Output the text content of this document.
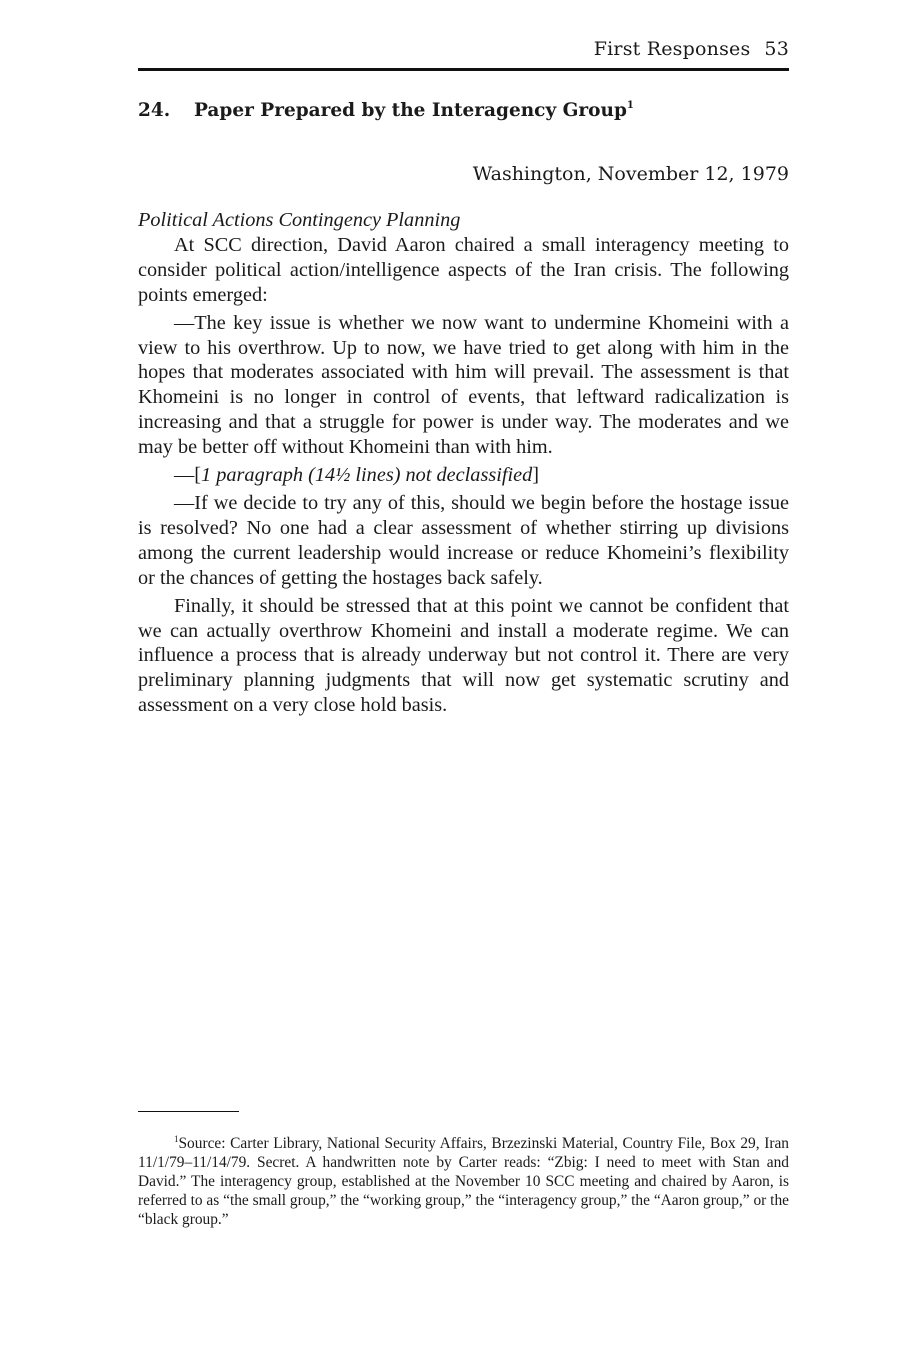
First Responses 53
24. Paper Prepared by the Interagency Group$^1$
Washington, November 12, 1979

Political Actions Contingency Planning

At SCC direction, David Aaron chaired a small interagency meeting to consider political action/intelligence aspects of the Iran crisis. The following points emerged:

—The key issue is whether we now want to undermine Khomeini with a view to his overthrow. Up to now, we have tried to get along with him in the hopes that moderates associated with him will prevail. The assessment is that Khomeini is no longer in control of events, that leftward radicalization is increasing and that a struggle for power is under way. The moderates and we may be better off without Khomeini than with him.

—[1 paragraph (14½ lines) not declassified]

—If we decide to try any of this, should we begin before the hostage issue is resolved? No one had a clear assessment of whether stirring up divisions among the current leadership would increase or reduce Khomeini’s flexibility or the chances of getting the hostages back safely.

Finally, it should be stressed that at this point we cannot be confident that we can actually overthrow Khomeini and install a moderate regime. We can influence a process that is already underway but not control it. There are very preliminary planning judgments that will now get systematic scrutiny and assessment on a very close hold basis.

$^1$Source: Carter Library, National Security Affairs, Brzezinski Material, Country File, Box 29, Iran 11/1/79–11/14/79. Secret. A handwritten note by Carter reads: “Zbig: I need to meet with Stan and David.” The interagency group, established at the November 10 SCC meeting and chaired by Aaron, is referred to as “the small group,” the “working group,” the “interagency group,” the “Aaron group,” or the “black group.”
